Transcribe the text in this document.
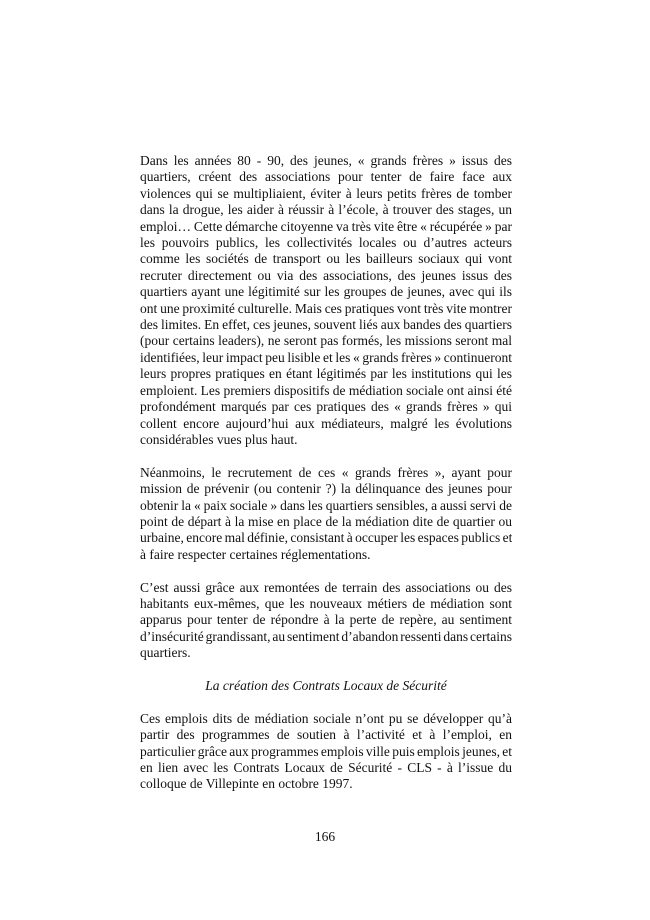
Dans les années 80 - 90, des jeunes, « grands frères » issus des
quartiers, créent des associations pour tenter de faire face aux
violences qui se multipliaient, éviter à leurs petits frères de tomber
dans la drogue, les aider à réussir à l’école, à trouver des stages, un
emploi… Cette démarche citoyenne va très vite être « récupérée » par
les pouvoirs publics, les collectivités locales ou d’autres acteurs
comme les sociétés de transport ou les bailleurs sociaux qui vont
recruter directement ou via des associations, des jeunes issus des
quartiers ayant une légitimité sur les groupes de jeunes, avec qui ils
ont une proximité culturelle. Mais ces pratiques vont très vite montrer
des limites. En effet, ces jeunes, souvent liés aux bandes des quartiers
(pour certains leaders), ne seront pas formés, les missions seront mal
identifiées, leur impact peu lisible et les « grands frères » continueront
leurs propres pratiques en étant légitimés par les institutions qui les
emploient. Les premiers dispositifs de médiation sociale ont ainsi été
profondément marqués par ces pratiques des « grands frères » qui
collent encore aujourd’hui aux médiateurs, malgré les évolutions
considérables vues plus haut.
Néanmoins, le recrutement de ces « grands frères », ayant pour
mission de prévenir (ou contenir ?) la délinquance des jeunes pour
obtenir la « paix sociale » dans les quartiers sensibles, a aussi servi de
point de départ à la mise en place de la médiation dite de quartier ou
urbaine, encore mal définie, consistant à occuper les espaces publics et
à faire respecter certaines réglementations.
C’est aussi grâce aux remontées de terrain des associations ou des
habitants eux-mêmes, que les nouveaux métiers de médiation sont
apparus pour tenter de répondre à la perte de repère, au sentiment
d’insécurité grandissant, au sentiment d’abandon ressenti dans certains
quartiers.
La création des Contrats Locaux de Sécurité
Ces emplois dits de médiation sociale n’ont pu se développer qu’à
partir des programmes de soutien à l’activité et à l’emploi, en
particulier grâce aux programmes emplois ville puis emplois jeunes, et
en lien avec les Contrats Locaux de Sécurité - CLS - à l’issue du
colloque de Villepinte en octobre 1997.
166
